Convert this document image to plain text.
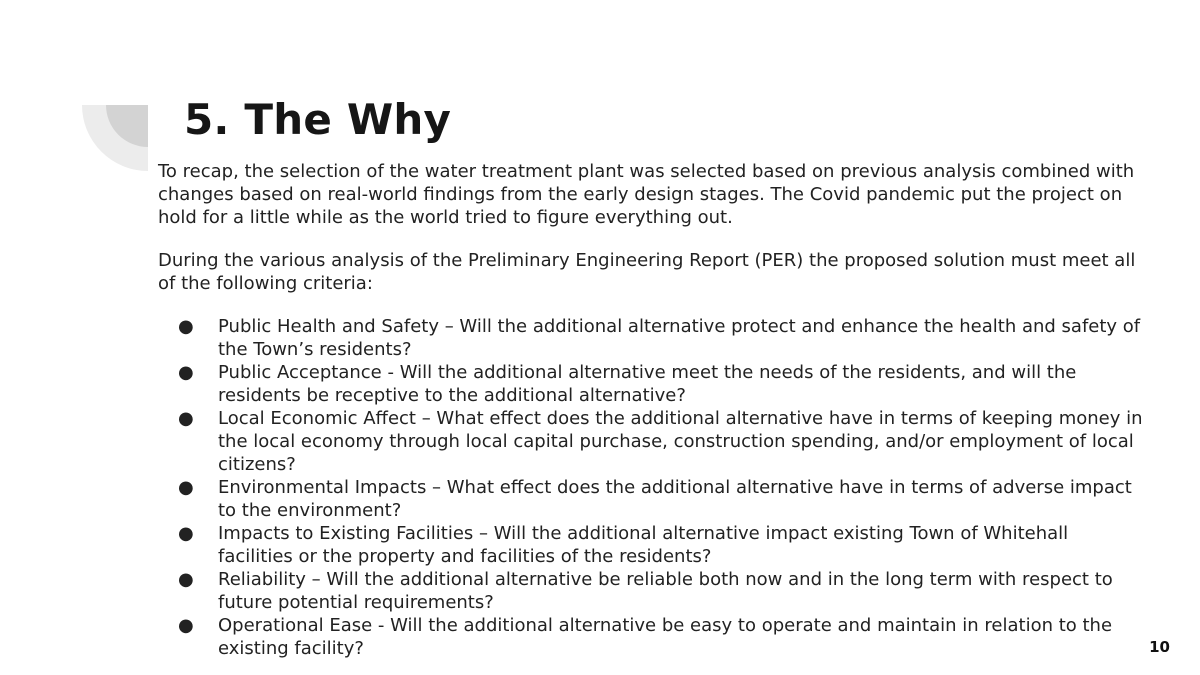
5. The Why

To recap, the selection of the water treatment plant was selected based on previous analysis combined with changes based on real-world findings from the early design stages. The Covid pandemic put the project on hold for a little while as the world tried to figure everything out.

During the various analysis of the Preliminary Engineering Report (PER) the proposed solution must meet all of the following criteria:

● Public Health and Safety – Will the additional alternative protect and enhance the health and safety of the Town’s residents?
● Public Acceptance - Will the additional alternative meet the needs of the residents, and will the residents be receptive to the additional alternative?
● Local Economic Affect – What effect does the additional alternative have in terms of keeping money in the local economy through local capital purchase, construction spending, and/or employment of local citizens?
● Environmental Impacts – What effect does the additional alternative have in terms of adverse impact to the environment?
● Impacts to Existing Facilities – Will the additional alternative impact existing Town of Whitehall facilities or the property and facilities of the residents?
● Reliability – Will the additional alternative be reliable both now and in the long term with respect to future potential requirements?
● Operational Ease - Will the additional alternative be easy to operate and maintain in relation to the existing facility?	10
